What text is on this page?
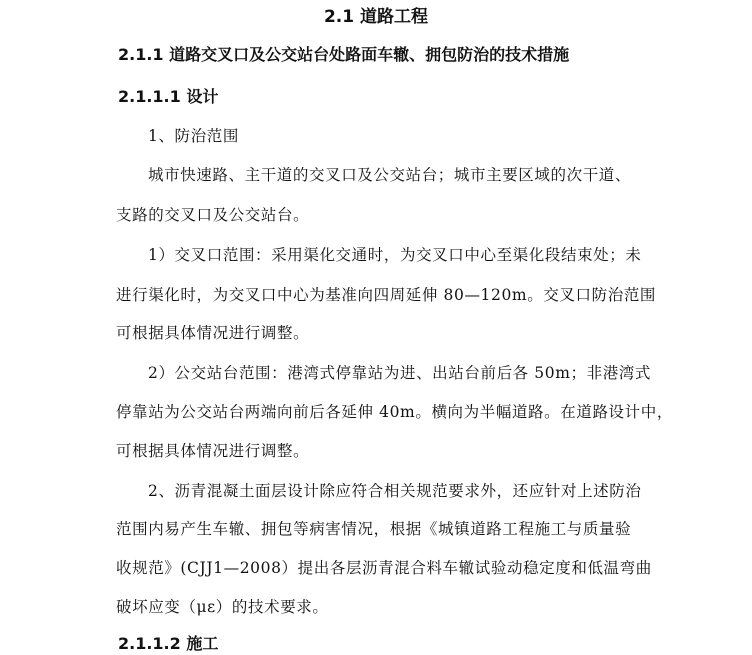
2.1 道路工程
2.1.1 道路交叉口及公交站台处路面车辙、拥包防治的技术措施
2.1.1.1 设计

1、防治范围

城市快速路、主干道的交叉口及公交站台；城市主要区域的次干道、

支路的交叉口及公交站台。

1）交叉口范围：采用渠化交通时，为交叉口中心至渠化段结束处；未

进行渠化时，为交叉口中心为基准向四周延伸 80—120m。交叉口防治范围

可根据具体情况进行调整。

2）公交站台范围：港湾式停靠站为进、出站台前后各 50m；非港湾式

停靠站为公交站台两端向前后各延伸 40m。横向为半幅道路。在道路设计中，

可根据具体情况进行调整。

2、沥青混凝土面层设计除应符合相关规范要求外，还应针对上述防治

范围内易产生车辙、拥包等病害情况，根据《城镇道路工程施工与质量验

收规范》(CJJ1—2008）提出各层沥青混合料车辙试验动稳定度和低温弯曲

破坏应变（με）的技术要求。

2.1.1.2 施工
